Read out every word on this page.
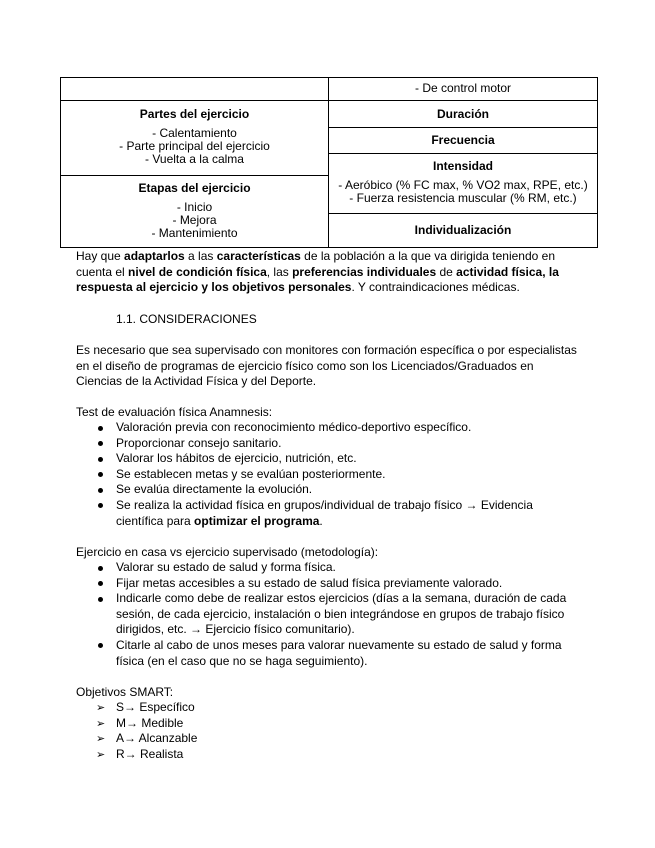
- De control motor
Partes del ejercicio
- Calentamiento
- Parte principal del ejercicio
- Vuelta a la calma
Etapas del ejercicio
- Inicio
- Mejora
- Mantenimiento
Duración
Frecuencia
Intensidad
- Aeróbico (% FC max, % VO2 max, RPE, etc.)
- Fuerza resistencia muscular (% RM, etc.)
Individualización
Hay que adaptarlos a las características de la población a la que va dirigida teniendo en cuenta el nivel de condición física, las preferencias individuales de actividad física, la respuesta al ejercicio y los objetivos personales. Y contraindicaciones médicas.
1.1. CONSIDERACIONES
Es necesario que sea supervisado con monitores con formación específica o por especialistas en el diseño de programas de ejercicio físico como son los Licenciados/Graduados en Ciencias de la Actividad Física y del Deporte.
Test de evaluación física Anamnesis:
Valoración previa con reconocimiento médico-deportivo específico.
Proporcionar consejo sanitario.
Valorar los hábitos de ejercicio, nutrición, etc.
Se establecen metas y se evalúan posteriormente.
Se evalúa directamente la evolución.
Se realiza la actividad física en grupos/individual de trabajo físico → Evidencia científica para optimizar el programa.
Ejercicio en casa vs ejercicio supervisado (metodología):
Valorar su estado de salud y forma física.
Fijar metas accesibles a su estado de salud física previamente valorado.
Indicarle como debe de realizar estos ejercicios (días a la semana, duración de cada sesión, de cada ejercicio, instalación o bien integrándose en grupos de trabajo físico dirigidos, etc. → Ejercicio físico comunitario).
Citarle al cabo de unos meses para valorar nuevamente su estado de salud y forma física (en el caso que no se haga seguimiento).
Objetivos SMART:
➢ S→ Específico
➢ M→ Medible
➢ A→ Alcanzable
➢ R→ Realista
